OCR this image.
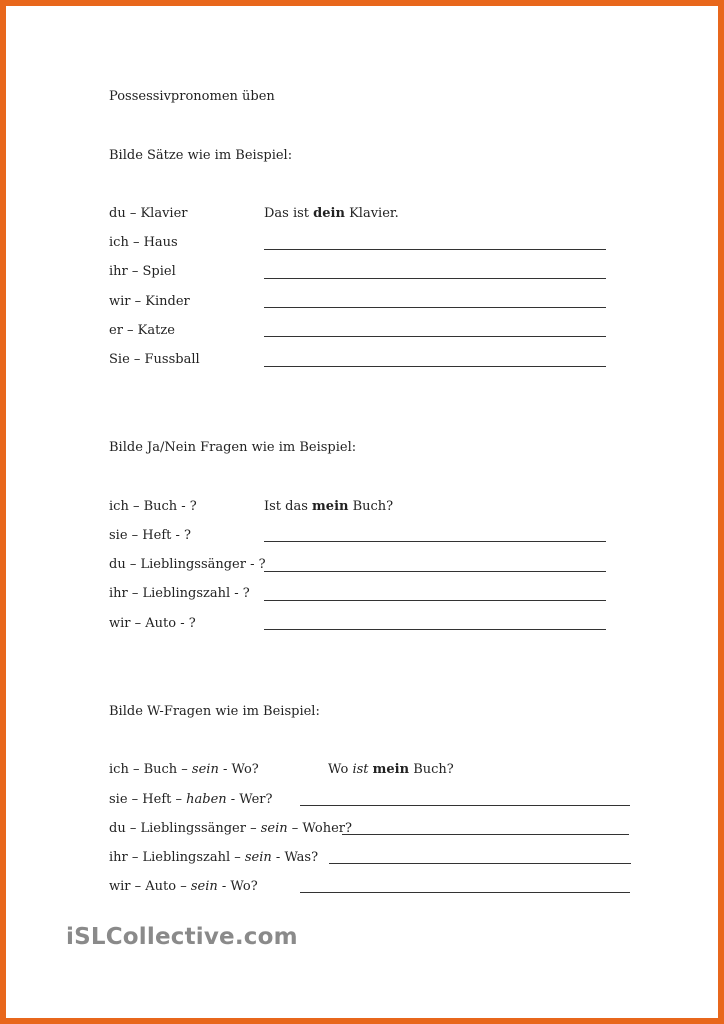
Possessivpronomen üben
Bilde Sätze wie im Beispiel:
du – Klavier	Das ist dein Klavier.
ich – Haus
ihr – Spiel
wir – Kinder
er – Katze
Sie – Fussball
Bilde Ja/Nein Fragen wie im Beispiel:
ich – Buch - ?	Ist das mein Buch?
sie – Heft - ?
du – Lieblingssänger - ?
ihr – Lieblingszahl - ?
wir – Auto - ?
Bilde W-Fragen wie im Beispiel:
ich – Buch – sein - Wo?	Wo ist mein Buch?
sie – Heft – haben - Wer?
du – Lieblingssänger – sein – Woher?
ihr – Lieblingszahl – sein - Was?
wir – Auto – sein - Wo?
iSLCollective.com
